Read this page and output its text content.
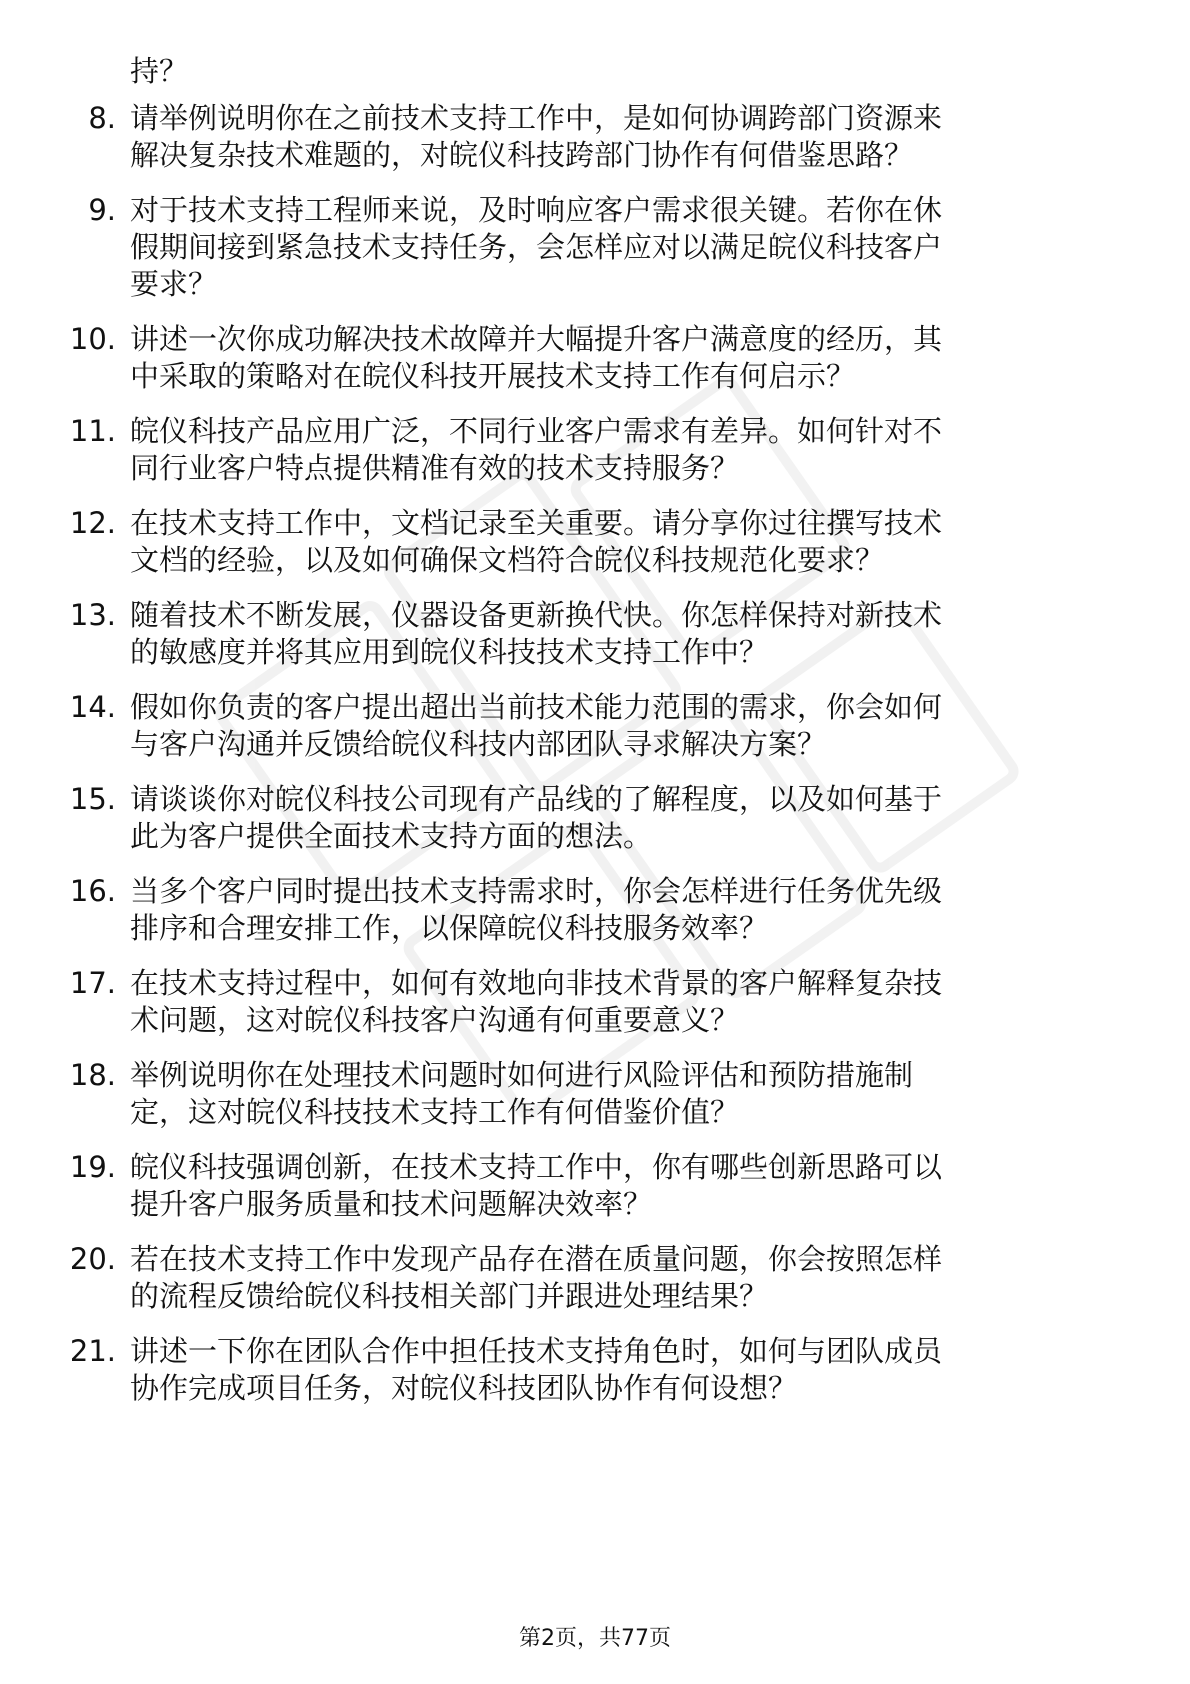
持？
8. 请举例说明你在之前技术支持工作中，是如何协调跨部门资源来
解决复杂技术难题的，对皖仪科技跨部门协作有何借鉴思路？
9. 对于技术支持工程师来说，及时响应客户需求很关键。若你在休
假期间接到紧急技术支持任务，会怎样应对以满足皖仪科技客户
要求？
10. 讲述一次你成功解决技术故障并大幅提升客户满意度的经历，其
中采取的策略对在皖仪科技开展技术支持工作有何启示？
11. 皖仪科技产品应用广泛，不同行业客户需求有差异。如何针对不
同行业客户特点提供精准有效的技术支持服务？
12. 在技术支持工作中，文档记录至关重要。请分享你过往撰写技术
文档的经验，以及如何确保文档符合皖仪科技规范化要求？
13. 随着技术不断发展，仪器设备更新换代快。你怎样保持对新技术
的敏感度并将其应用到皖仪科技技术支持工作中？
14. 假如你负责的客户提出超出当前技术能力范围的需求，你会如何
与客户沟通并反馈给皖仪科技内部团队寻求解决方案？
15. 请谈谈你对皖仪科技公司现有产品线的了解程度，以及如何基于
此为客户提供全面技术支持方面的想法。
16. 当多个客户同时提出技术支持需求时，你会怎样进行任务优先级
排序和合理安排工作，以保障皖仪科技服务效率？
17. 在技术支持过程中，如何有效地向非技术背景的客户解释复杂技
术问题，这对皖仪科技客户沟通有何重要意义？
18. 举例说明你在处理技术问题时如何进行风险评估和预防措施制
定，这对皖仪科技技术支持工作有何借鉴价值？
19. 皖仪科技强调创新，在技术支持工作中，你有哪些创新思路可以
提升客户服务质量和技术问题解决效率？
20. 若在技术支持工作中发现产品存在潜在质量问题，你会按照怎样
的流程反馈给皖仪科技相关部门并跟进处理结果？
21. 讲述一下你在团队合作中担任技术支持角色时，如何与团队成员
协作完成项目任务，对皖仪科技团队协作有何设想？
第2页，共77页
